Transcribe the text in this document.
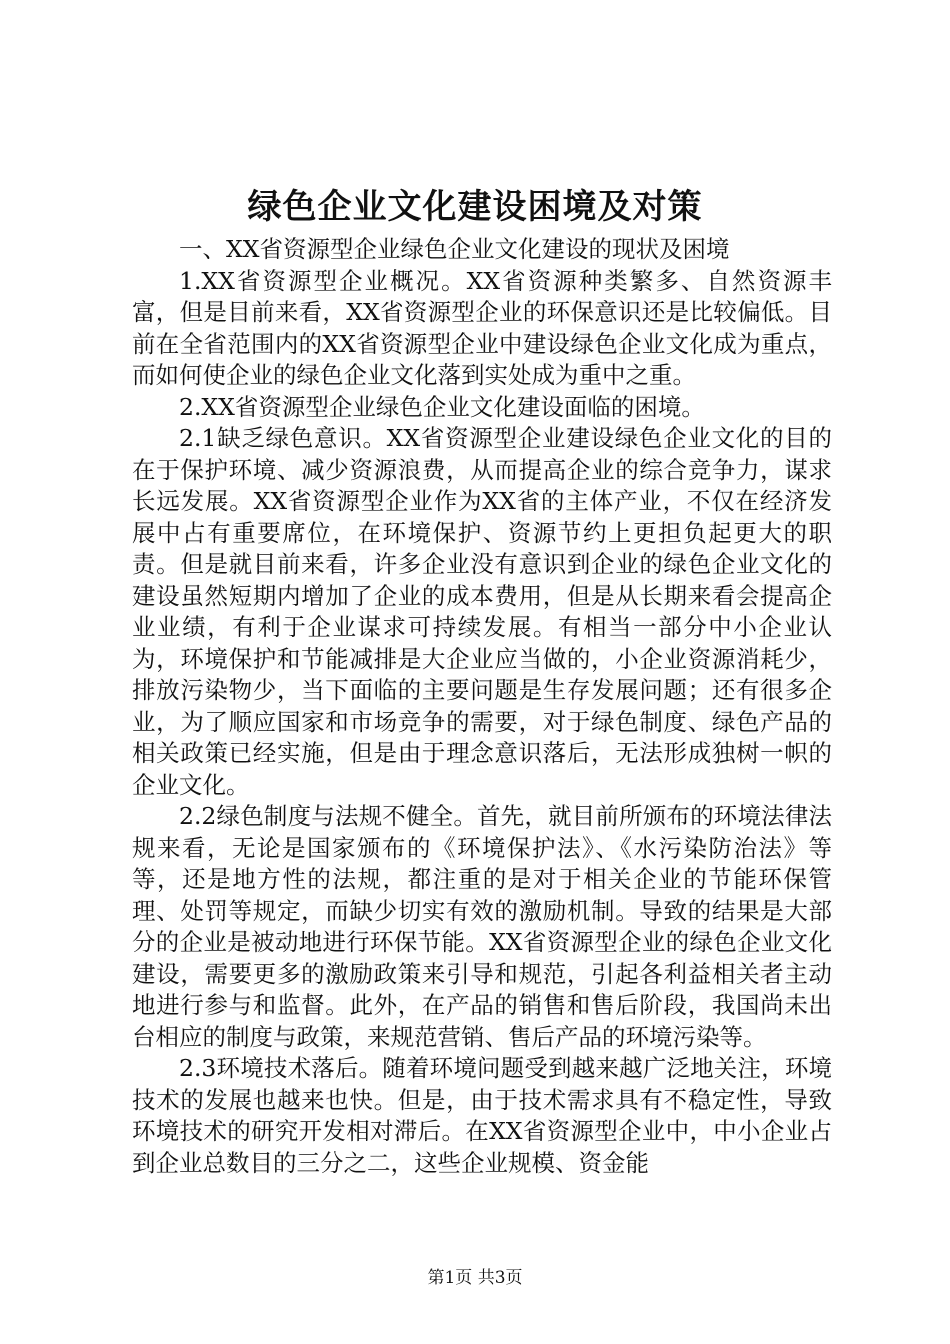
绿色企业文化建设困境及对策

一、XX省资源型企业绿色企业文化建设的现状及困境

1.XX省资源型企业概况。XX省资源种类繁多、自然资源丰富，但是目前来看，XX省资源型企业的环保意识还是比较偏低。目前在全省范围内的XX省资源型企业中建设绿色企业文化成为重点，而如何使企业的绿色企业文化落到实处成为重中之重。

2.XX省资源型企业绿色企业文化建设面临的困境。

2.1缺乏绿色意识。XX省资源型企业建设绿色企业文化的目的在于保护环境、减少资源浪费，从而提高企业的综合竞争力，谋求长远发展。XX省资源型企业作为XX省的主体产业，不仅在经济发展中占有重要席位，在环境保护、资源节约上更担负起更大的职责。但是就目前来看，许多企业没有意识到企业的绿色企业文化的建设虽然短期内增加了企业的成本费用，但是从长期来看会提高企业业绩，有利于企业谋求可持续发展。有相当一部分中小企业认为，环境保护和节能减排是大企业应当做的，小企业资源消耗少，排放污染物少，当下面临的主要问题是生存发展问题；还有很多企业，为了顺应国家和市场竞争的需要，对于绿色制度、绿色产品的相关政策已经实施，但是由于理念意识落后，无法形成独树一帜的企业文化。

2.2绿色制度与法规不健全。首先，就目前所颁布的环境法律法规来看，无论是国家颁布的《环境保护法》、《水污染防治法》等等，还是地方性的法规，都注重的是对于相关企业的节能环保管理、处罚等规定，而缺少切实有效的激励机制。导致的结果是大部分的企业是被动地进行环保节能。XX省资源型企业的绿色企业文化建设，需要更多的激励政策来引导和规范，引起各利益相关者主动地进行参与和监督。此外，在产品的销售和售后阶段，我国尚未出台相应的制度与政策，来规范营销、售后产品的环境污染等。

2.3环境技术落后。随着环境问题受到越来越广泛地关注，环境技术的发展也越来也快。但是，由于技术需求具有不稳定性，导致环境技术的研究开发相对滞后。在XX省资源型企业中，中小企业占到企业总数目的三分之二，这些企业规模、资金能

第1页 共3页
